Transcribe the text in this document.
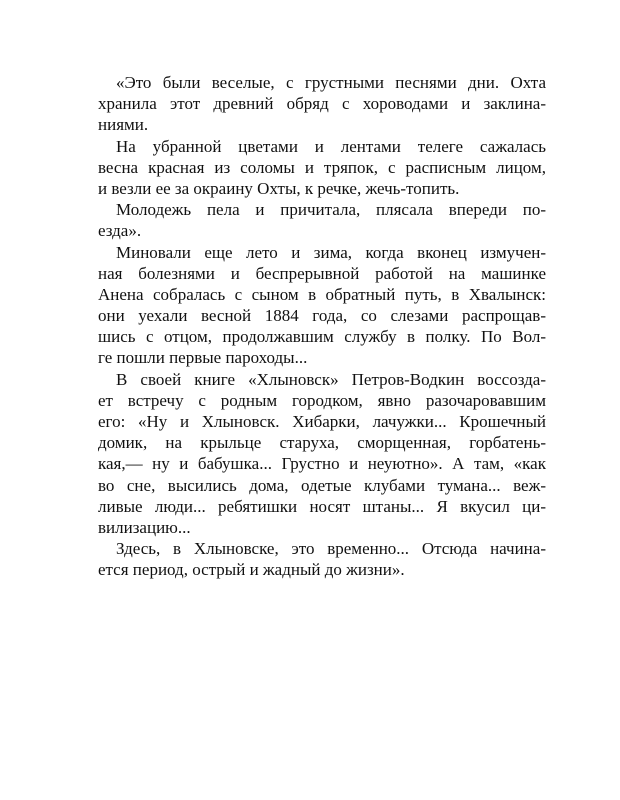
«Это были веселые, с грустными песнями дни. Охта
хранила этот древний обряд с хороводами и заклина-
ниями.
На убранной цветами и лентами телеге сажалась
весна красная из соломы и тряпок, с расписным лицом,
и везли ее за окраину Охты, к речке, жечь-топить.
Молодежь пела и причитала, плясала впереди по-
езда».
Миновали еще лето и зима, когда вконец измучен-
ная болезнями и беспрерывной работой на машинке
Анена собралась с сыном в обратный путь, в Хвалынск:
они уехали весной 1884 года, со слезами распрощав-
шись с отцом, продолжавшим службу в полку. По Вол-
ге пошли первые пароходы...
В своей книге «Хлыновск» Петров-Водкин воссозда-
ет встречу с родным городком, явно разочаровавшим
его: «Ну и Хлыновск. Хибарки, лачужки... Крошечный
домик, на крыльце старуха, сморщенная, горбатень-
кая,— ну и бабушка... Грустно и неуютно». А там, «как
во сне, высились дома, одетые клубами тумана... веж-
ливые люди... ребятишки носят штаны... Я вкусил ци-
вилизацию...
Здесь, в Хлыновске, это временно... Отсюда начина-
ется период, острый и жадный до жизни».
